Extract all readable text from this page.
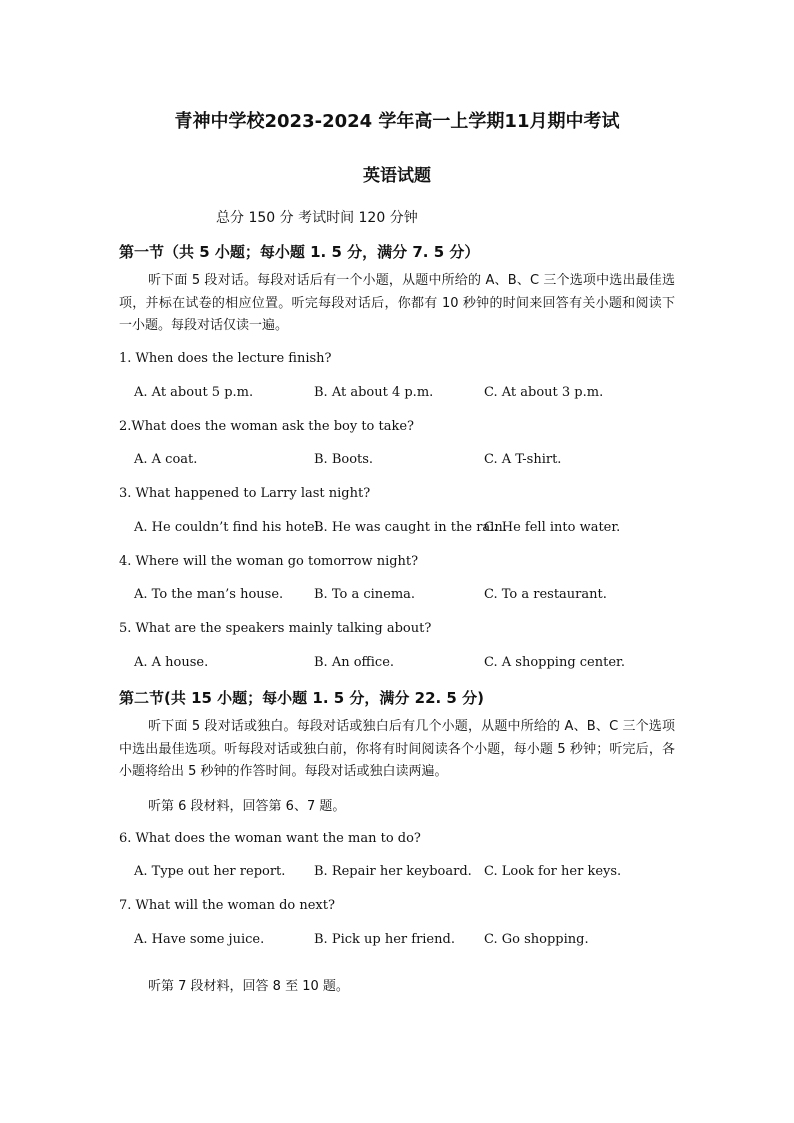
青神中学校2023-2024 学年高一上学期11月期中考试
英语试题
总分 150 分 考试时间 120 分钟
第一节（共 5 小题；每小题 1. 5 分，满分 7. 5 分）
听下面 5 段对话。每段对话后有一个小题，从题中所给的 A、B、C 三个选项中选出最佳选项，并标在试卷的相应位置。听完每段对话后，你都有 10 秒钟的时间来回答有关小题和阅读下一小题。每段对话仅读一遍。
1. When does the lecture finish?
A. At about 5 p.m.	B. At about 4 p.m.	C. At about 3 p.m.
2.What does the woman ask the boy to take?
A. A coat.	B. Boots.	C. A T-shirt.
3. What happened to Larry last night?
A. He couldn’t find his hotel.
B. He was caught in the rain.
C. He fell into water.
4. Where will the woman go tomorrow night?
A. To the man’s house. B. To a cinema.	C. To a restaurant.
5. What are the speakers mainly talking about?
A. A house.	B. An office.	C. A shopping center.
第二节(共 15 小题；每小题 1. 5 分，满分 22. 5 分)
听下面 5 段对话或独白。每段对话或独白后有几个小题，从题中所给的 A、B、C 三个选项中选出最佳选项。听每段对话或独白前，你将有时间阅读各个小题，每小题 5 秒钟；听完后，各小题将给出 5 秒钟的作答时间。每段对话或独白读两遍。
听第 6 段材料，回答第 6、7 题。
6. What does the woman want the man to do?
A. Type out her report. B. Repair her keyboard. C. Look for her keys.
7. What will the woman do next?
A. Have some juice.	B. Pick up her friend. C. Go shopping.
听第 7 段材料，回答 8 至 10 题。
